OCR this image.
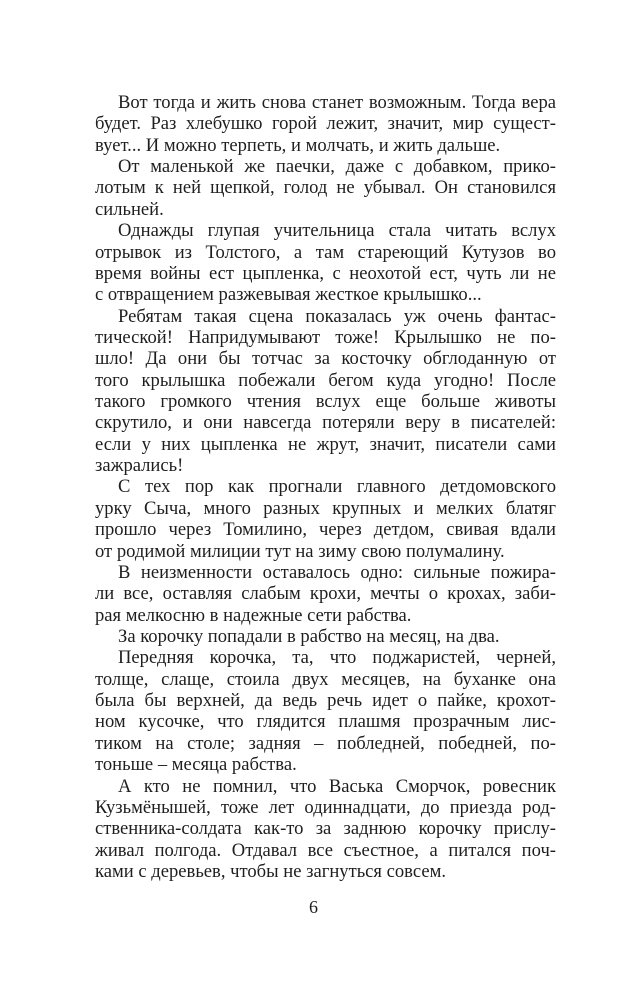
Вот тогда и жить снова станет возможным. Тогда вера
будет. Раз хлебушко горой лежит, значит, мир сущест-
вует... И можно терпеть, и молчать, и жить дальше.
От маленькой же паечки, даже с добавком, прико-
лотым к ней щепкой, голод не убывал. Он становился
сильней.
Однажды глупая учительница стала читать вслух
отрывок из Толстого, а там стареющий Кутузов во
время войны ест цыпленка, с неохотой ест, чуть ли не
с отвращением разжевывая жесткое крылышко...
Ребятам такая сцена показалась уж очень фантас-
тической! Напридумывают тоже! Крылышко не по-
шло! Да они бы тотчас за косточку обглоданную от
того крылышка побежали бегом куда угодно! После
такого громкого чтения вслух еще больше животы
скрутило, и они навсегда потеряли веру в писателей:
если у них цыпленка не жрут, значит, писатели сами
зажрались!
С тех пор как прогнали главного детдомовского
урку Сыча, много разных крупных и мелких блатяг
прошло через Томилино, через детдом, свивая вдали
от родимой милиции тут на зиму свою полумалину.
В неизменности оставалось одно: сильные пожира-
ли все, оставляя слабым крохи, мечты о крохах, заби-
рая мелкосню в надежные сети рабства.
За корочку попадали в рабство на месяц, на два.
Передняя корочка, та, что поджаристей, черней,
толще, слаще, стоила двух месяцев, на буханке она
была бы верхней, да ведь речь идет о пайке, крохот-
ном кусочке, что глядится плашмя прозрачным лис-
тиком на столе; задняя – побледней, победней, по-
тоньше – месяца рабства.
А кто не помнил, что Васька Сморчок, ровесник
Кузьмёнышей, тоже лет одиннадцати, до приезда род-
ственника-солдата как-то за заднюю корочку прислу-
живал полгода. Отдавал все съестное, а питался поч-
ками с деревьев, чтобы не загнуться совсем.
6
